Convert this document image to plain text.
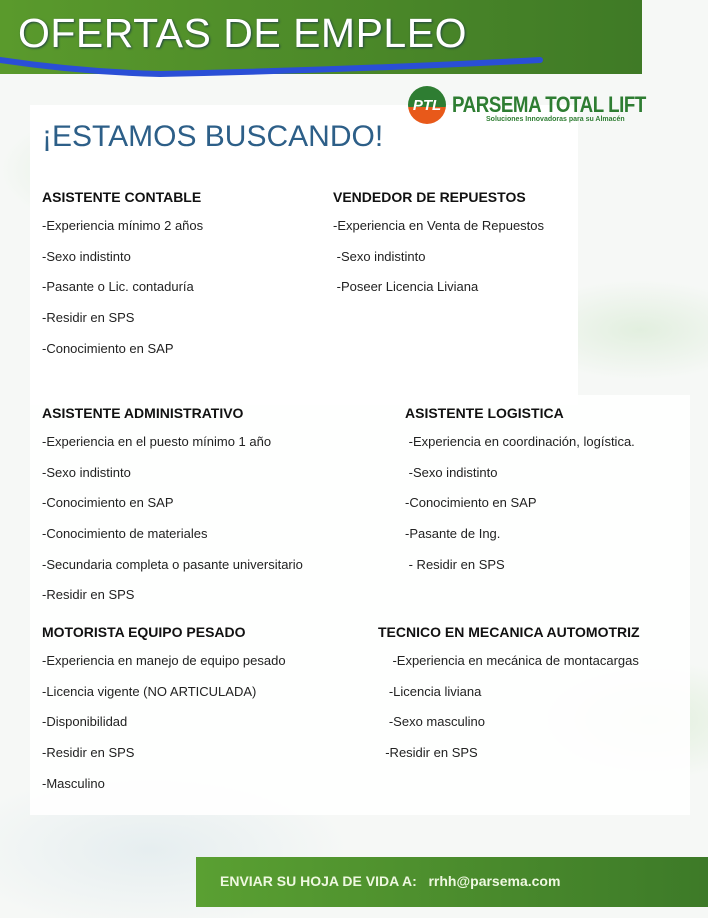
OFERTAS DE EMPLEO
PTL PARSEMA TOTAL LIFT
Soluciones Innovadoras para su Almacén
¡ESTAMOS BUSCANDO!
ASISTENTE CONTABLE
-Experiencia mínimo 2 años
-Sexo indistinto
-Pasante o Lic. contaduría
-Residir en SPS
-Conocimiento en SAP
VENDEDOR DE REPUESTOS
-Experiencia en Venta de Repuestos
-Sexo indistinto
-Poseer Licencia Liviana
ASISTENTE ADMINISTRATIVO
-Experiencia en el puesto mínimo 1 año
-Sexo indistinto
-Conocimiento en SAP
-Conocimiento de materiales
-Secundaria completa o pasante universitario
-Residir en SPS
ASISTENTE LOGISTICA
-Experiencia en coordinación, logística.
-Sexo indistinto
-Conocimiento en SAP
-Pasante de Ing.
- Residir en SPS
MOTORISTA EQUIPO PESADO
-Experiencia en manejo de equipo pesado
-Licencia vigente (NO ARTICULADA)
-Disponibilidad
-Residir en SPS
-Masculino
TECNICO EN MECANICA AUTOMOTRIZ
-Experiencia en mecánica de montacargas
-Licencia liviana
-Sexo masculino
-Residir en SPS
ENVIAR SU HOJA DE VIDA A: rrhh@parsema.com
